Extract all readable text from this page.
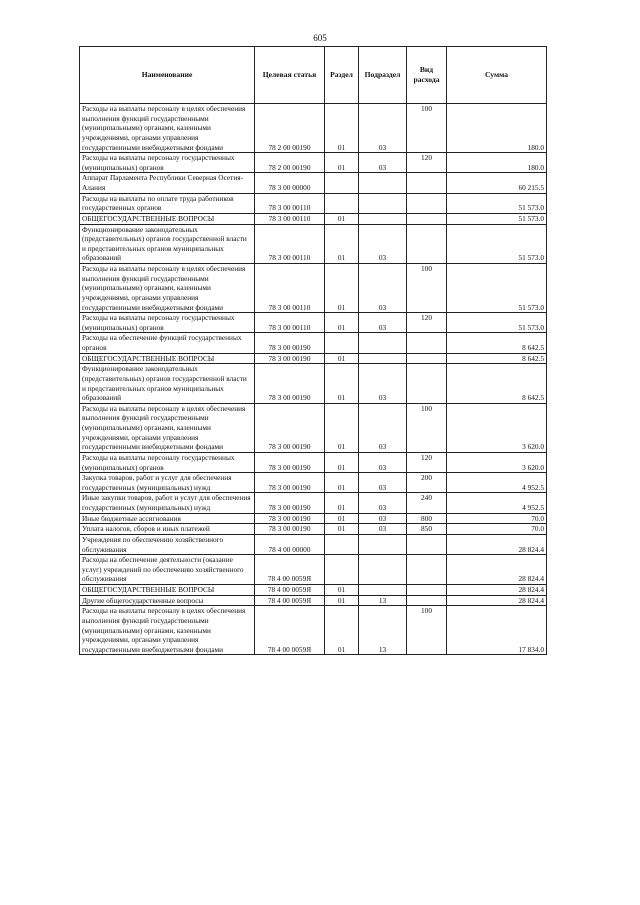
605
Наименование	Целевая статья	Раздел	Подраздел	Вид расхода	Сумма
Расходы на выплаты персоналу в целях обеспечения выполнения функций государственными (муниципальными) органами, казенными учреждениями, органами управления государственными внебюджетными фондами	78 2 00 00190	01	03	100	180.0
Расходы на выплаты персоналу государственных (муниципальных) органов	78 2 00 00190	01	03	120	180.0
Аппарат Парламента Республики Северная Осетия-Алания	78 3 00 00000				60 215.5
Расходы на выплаты по оплате труда работников государственных органов	78 3 00 00110				51 573.0
ОБЩЕГОСУДАРСТВЕННЫЕ ВОПРОСЫ	78 3 00 00110	01			51 573.0
Функционирование законодательных (представительных) органов государственной власти и представительных органов муниципальных образований	78 3 00 00110	01	03		51 573.0
Расходы на выплаты персоналу в целях обеспечения выполнения функций государственными (муниципальными) органами, казенными учреждениями, органами управления государственными внебюджетными фондами	78 3 00 00110	01	03	100	51 573.0
Расходы на выплаты персоналу государственных (муниципальных) органов	78 3 00 00110	01	03	120	51 573.0
Расходы на обеспечение функций государственных органов	78 3 00 00190				8 642.5
ОБЩЕГОСУДАРСТВЕННЫЕ ВОПРОСЫ	78 3 00 00190	01			8 642.5
Функционирование законодательных (представительных) органов государственной власти и представительных органов муниципальных образований	78 3 00 00190	01	03		8 642.5
Расходы на выплаты персоналу в целях обеспечения выполнения функций государственными (муниципальными) органами, казенными учреждениями, органами управления государственными внебюджетными фондами	78 3 00 00190	01	03	100	3 620.0
Расходы на выплаты персоналу государственных (муниципальных) органов	78 3 00 00190	01	03	120	3 620.0
Закупка товаров, работ и услуг для обеспечения государственных (муниципальных) нужд	78 3 00 00190	01	03	200	4 952.5
Иные закупки товаров, работ и услуг для обеспечения государственных (муниципальных) нужд	78 3 00 00190	01	03	240	4 952.5
Иные бюджетные ассигнования	78 3 00 00190	01	03	800	70.0
Уплата налогов, сборов и иных платежей	78 3 00 00190	01	03	850	70.0
Учреждения по обеспечению хозяйственного обслуживания	78 4 00 00000				28 824.4
Расходы на обеспечение деятельности (оказание услуг) учреждений по обеспечению хозяйственного обслуживания	78 4 00 0059Я				28 824.4
ОБЩЕГОСУДАРСТВЕННЫЕ ВОПРОСЫ	78 4 00 0059Я	01			28 824.4
Другие общегосударственные вопросы	78 4 00 0059Я	01	13		28 824.4
Расходы на выплаты персоналу в целях обеспечения выполнения функций государственными (муниципальными) органами, казенными учреждениями, органами управления государственными внебюджетными фондами	78 4 00 0059Я	01	13	100	17 834.0
